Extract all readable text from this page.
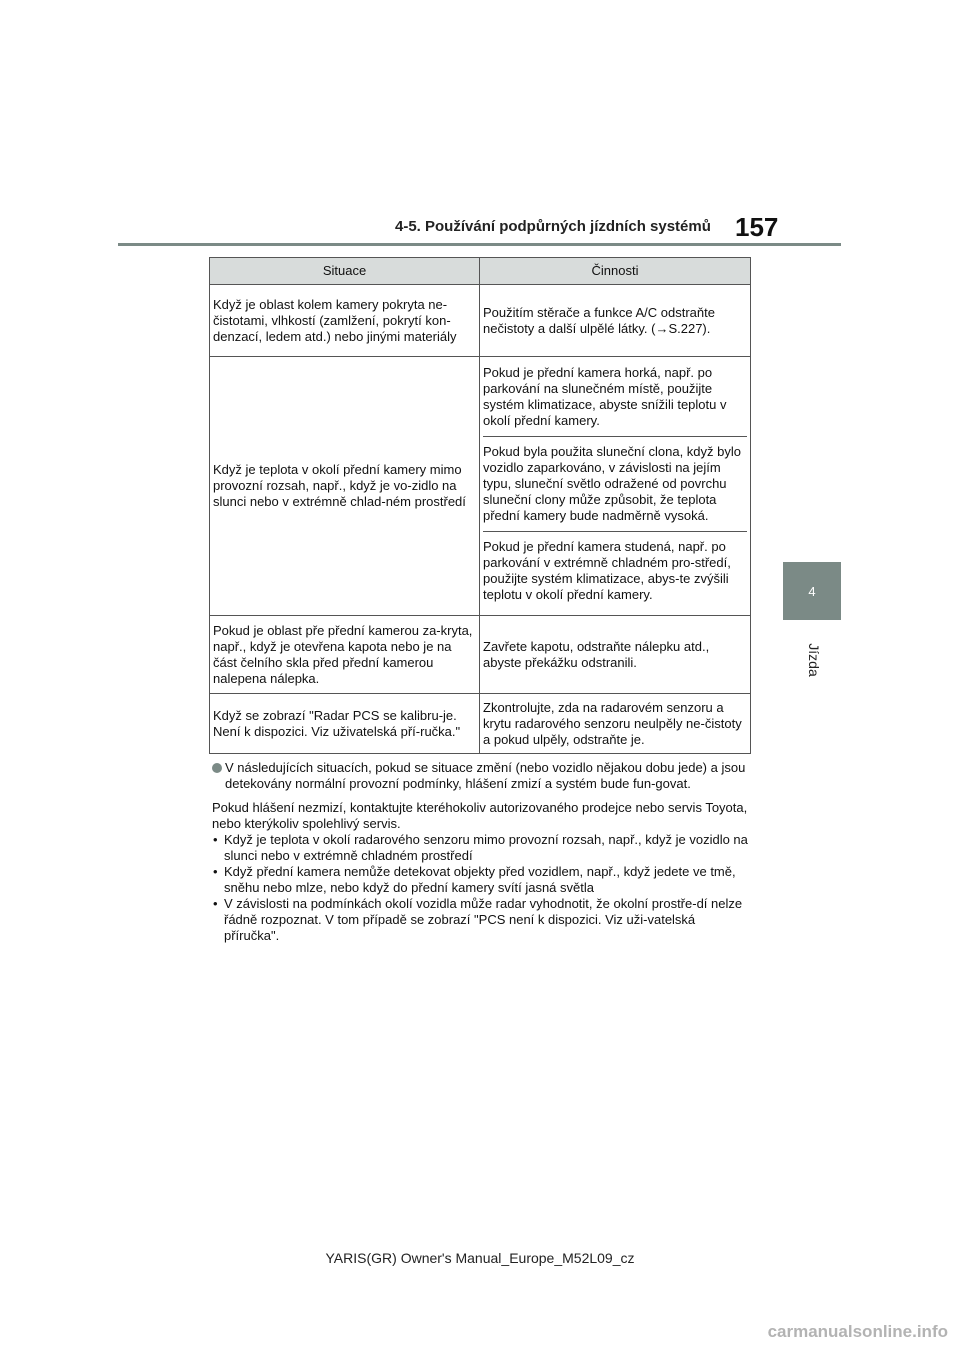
4-5. Používání podpůrných jízdních systémů 157
4
Jízda
Situace	Činnosti
Když je oblast kolem kamery pokryta ne-čistotami, vlhkostí (zamlžení, pokrytí kon-denzací, ledem atd.) nebo jinými materiály	Použitím stěrače a funkce A/C odstraňte nečistoty a další ulpělé látky. (→S.227).
Když je teplota v okolí přední kamery mimo provozní rozsah, např., když je vo-zidlo na slunci nebo v extrémně chlad-ném prostředí	Pokud je přední kamera horká, např. po parkování na slunečném místě, použijte systém klimatizace, abyste snížili teplotu v okolí přední kamery.
Pokud byla použita sluneční clona, když bylo vozidlo zaparkováno, v závislosti na jejím typu, sluneční světlo odražené od povrchu sluneční clony může způsobit, že teplota přední kamery bude nadměrně vysoká.
Pokud je přední kamera studená, např. po parkování v extrémně chladném pro-středí, použijte systém klimatizace, abys-te zvýšili teplotu v okolí přední kamery.

Pokud je oblast pře přední kamerou za-kryta, např., když je otevřena kapota nebo je na část čelního skla před přední kamerou nalepena nálepka.	Zavřete kapotu, odstraňte nálepku atd., abyste překážku odstranili.
Když se zobrazí "Radar PCS se kalibru-je. Není k dispozici. Viz uživatelská pří-ručka."	Zkontrolujte, zda na radarovém senzoru a krytu radarového senzoru neulpěly ne-čistoty a pokud ulpěly, odstraňte je.
V následujících situacích, pokud se situace změní (nebo vozidlo nějakou dobu jede) a jsou detekovány normální provozní podmínky, hlášení zmizí a systém bude fun-govat.
Pokud hlášení nezmizí, kontaktujte kteréhokoliv autorizovaného prodejce nebo servis Toyota, nebo kterýkoliv spolehlivý servis.
• Když je teplota v okolí radarového senzoru mimo provozní rozsah, např., když je vozidlo na slunci nebo v extrémně chladném prostředí
• Když přední kamera nemůže detekovat objekty před vozidlem, např., když jedete ve tmě, sněhu nebo mlze, nebo když do přední kamery svítí jasná světla
• V závislosti na podmínkách okolí vozidla může radar vyhodnotit, že okolní prostře-dí nelze řádně rozpoznat. V tom případě se zobrazí "PCS není k dispozici. Viz uži-vatelská příručka".
YARIS(GR) Owner's Manual_Europe_M52L09_cz
carmanualsonline.info
